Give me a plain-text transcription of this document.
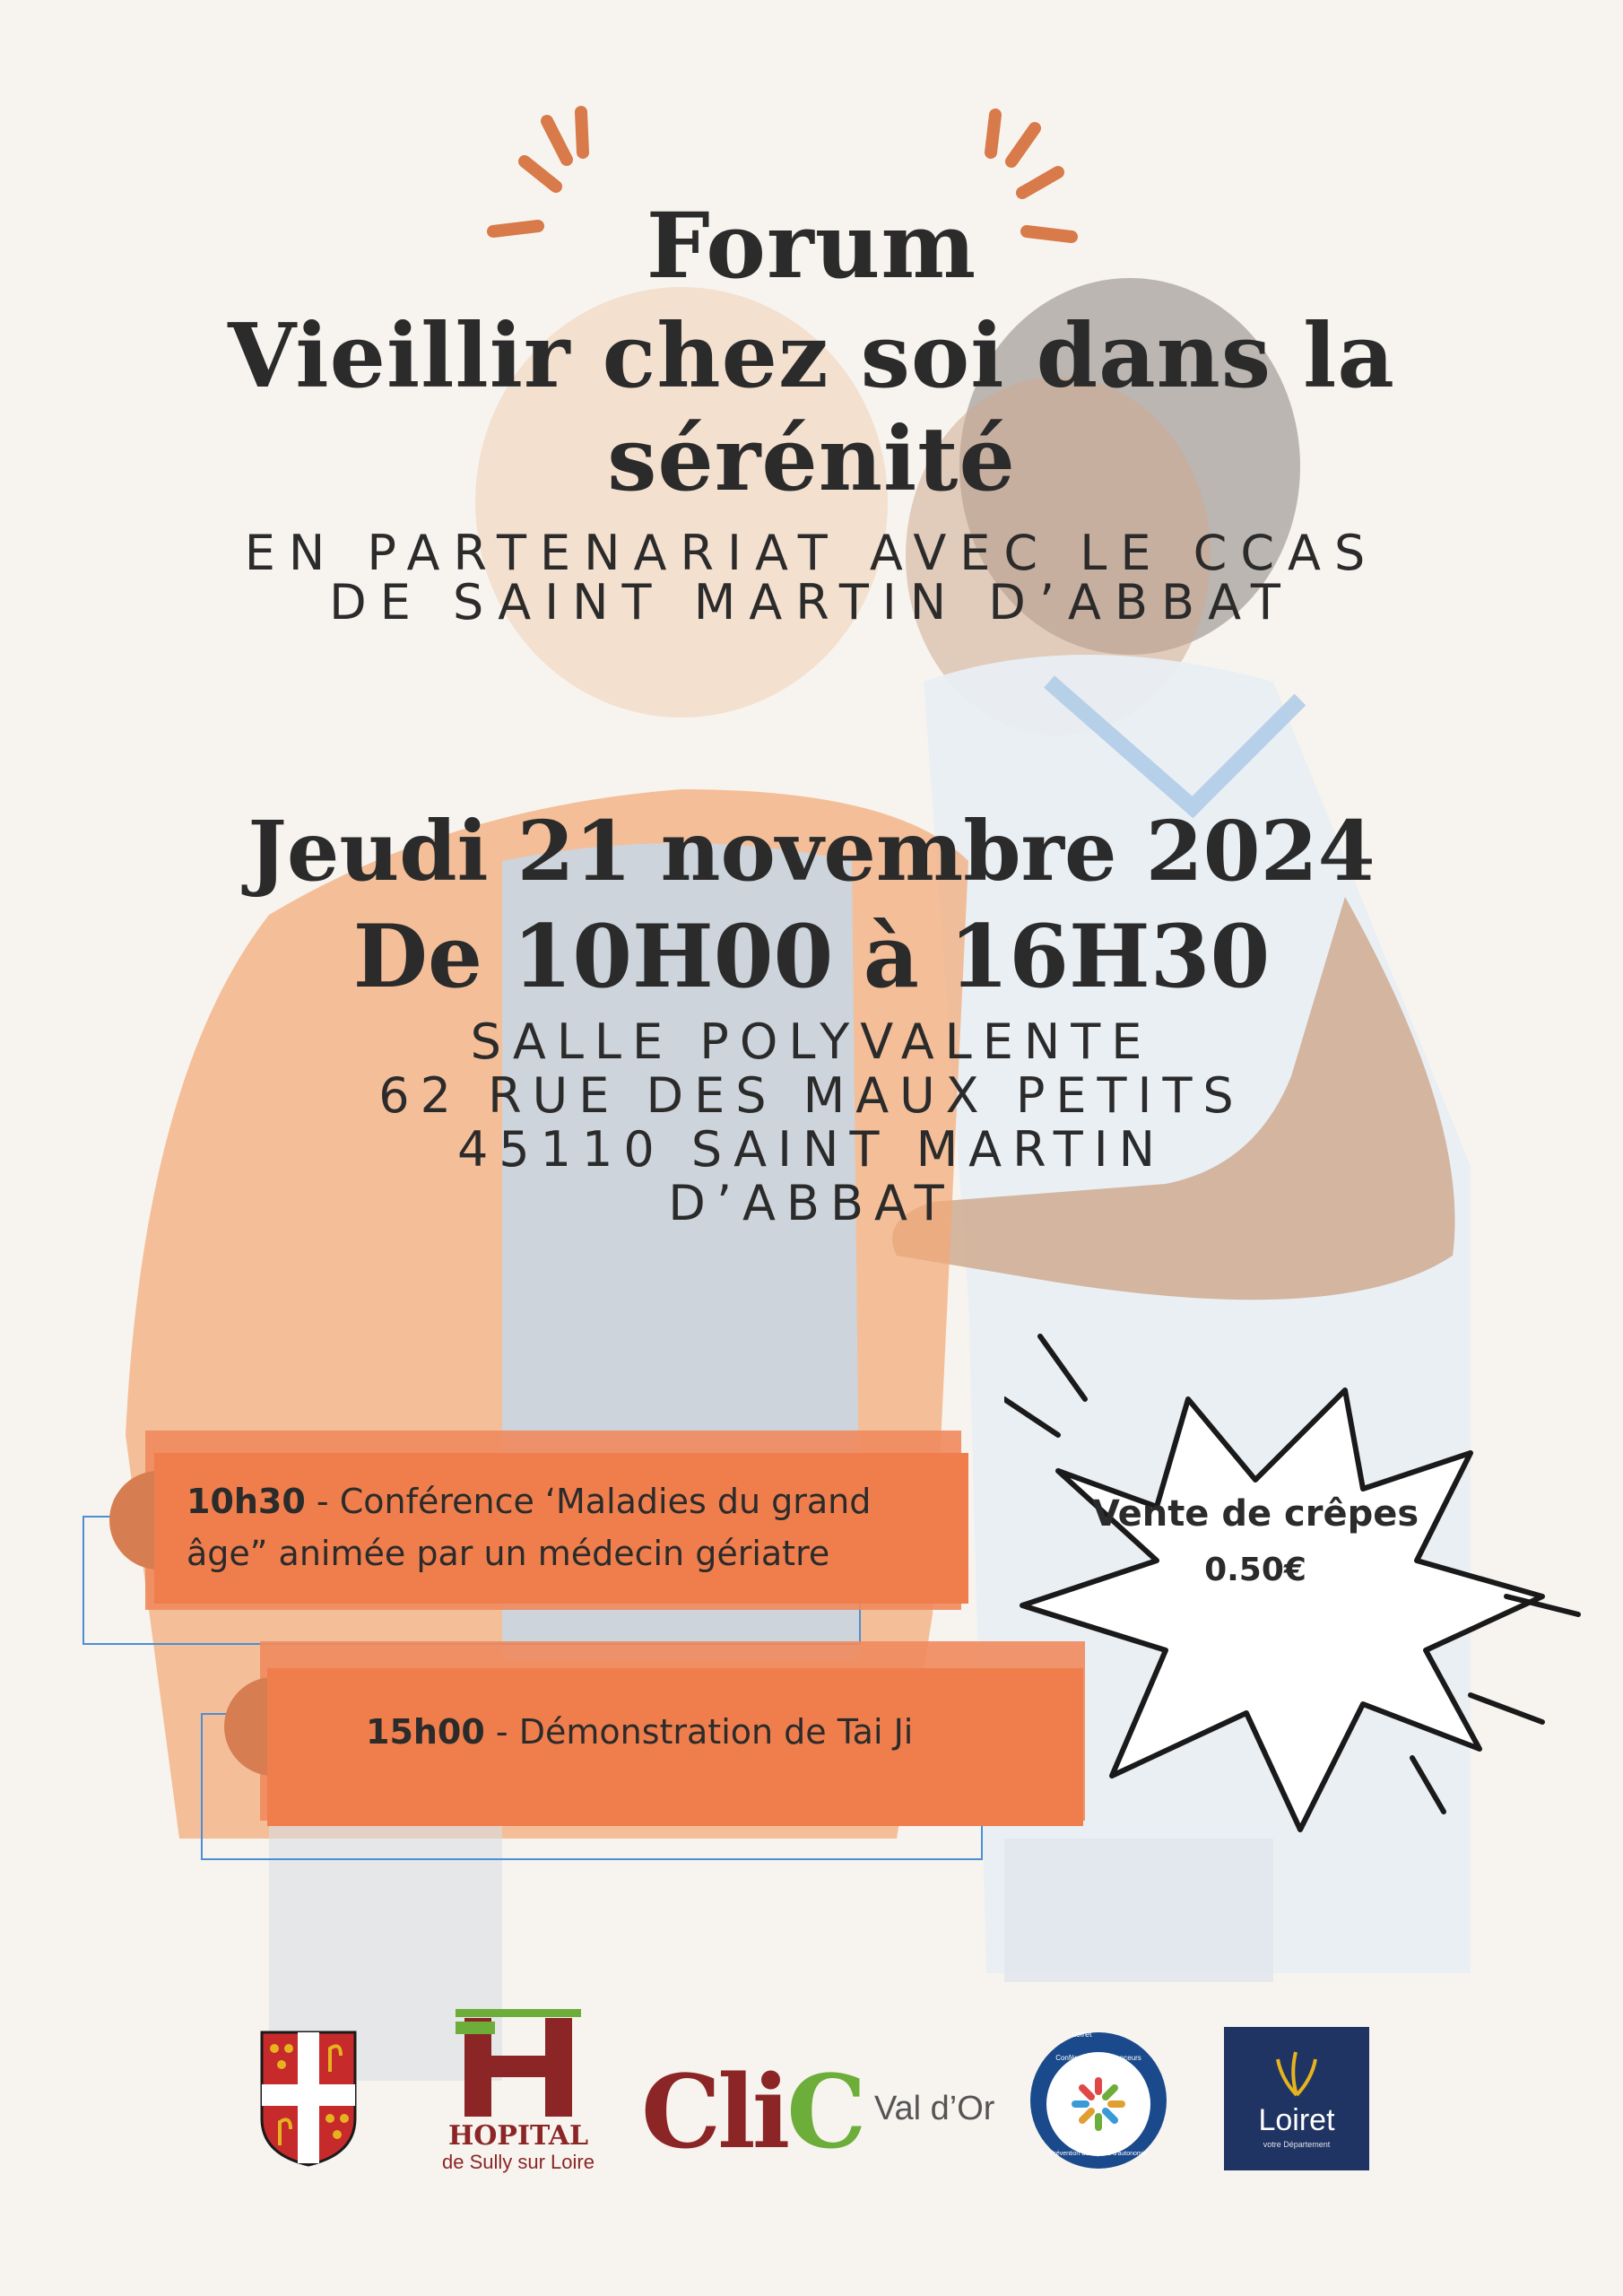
Forum
Vieillir chez soi dans la
sérénité
EN PARTENARIAT AVEC LE CCAS
DE SAINT MARTIN D’ABBAT
Jeudi 21 novembre 2024
De 10H00 à 16H30
SALLE POLYVALENTE
62 RUE DES MAUX PETITS
45110 SAINT MARTIN
D’ABBAT
10h30 - Conférence ‘Maladies du grand
âge” animée par un médecin gériatre
15h00 - Démonstration de Tai Ji
Vente de crêpes
0.50€
HOPITAL
de Sully sur Loire CliC Val d’Or
Loiret
Conférence des financeurs
Prévention de la perte d'autonomie
Loiret
votre Département
